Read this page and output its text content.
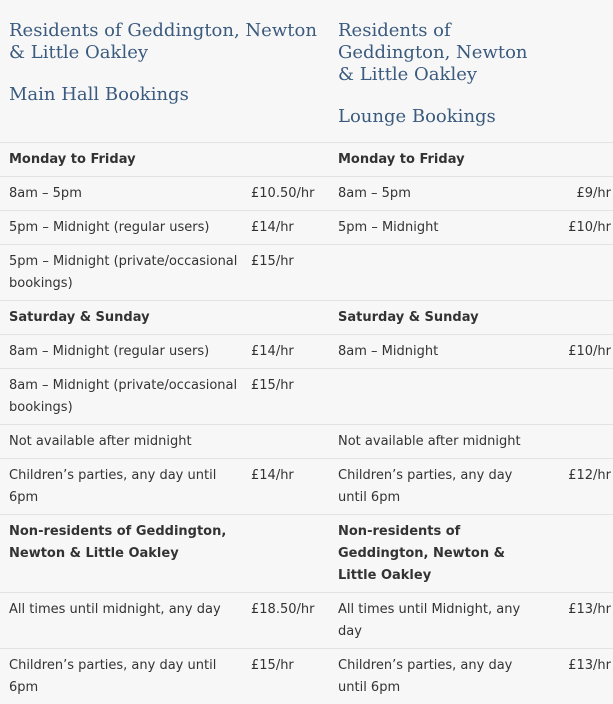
Residents of Geddington, Newton & Little Oakley
Main Hall Bookings		Residents of Geddington, Newton & Little Oakley
Lounge Bookings	

Monday to Friday		Monday to Friday	
8am – 5pm	£10.50/hr	8am – 5pm	£9/hr
5pm – Midnight (regular users)	£14/hr	5pm – Midnight	£10/hr
5pm – Midnight (private/occasional bookings)	£15/hr		
Saturday & Sunday		Saturday & Sunday	
8am – Midnight (regular users)	£14/hr	8am – Midnight	£10/hr
8am – Midnight (private/occasional bookings)	£15/hr		
Not available after midnight		Not available after midnight	
Children’s parties, any day until 6pm	£14/hr	Children’s parties, any day until 6pm	£12/hr
Non-residents of Geddington, Newton & Little Oakley		Non-residents of Geddington, Newton & Little Oakley	
All times until midnight, any day	£18.50/hr	All times until Midnight, any day	£13/hr
Children’s parties, any day until 6pm	£15/hr	Children’s parties, any day until 6pm	£13/hr
